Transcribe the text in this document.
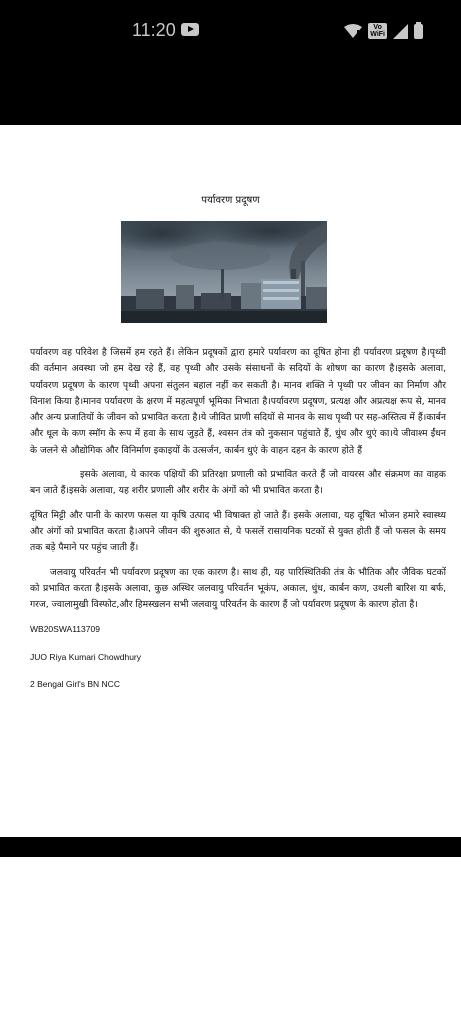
11:20	Vo
WiFi
पर्यावरण प्रदूषण

पर्यावरण वह परिवेश है जिसमें हम रहते हैं। लेकिन प्रदूषकों द्वारा हमारे पर्यावरण का दूषित होना ही पर्यावरण प्रदूषण है।पृथ्वी की वर्तमान अवस्था जो हम देख रहे हैं, वह पृथ्वी और उसके संसाधनों के सदियों के शोषण का कारण है।इसके अलावा, पर्यावरण प्रदूषण के कारण पृथ्वी अपना संतुलन बहाल नहीं कर सकती है। मानव शक्ति ने पृथ्वी पर जीवन का निर्माण और विनाश किया है।मानव पर्यावरण के क्षरण में महत्वपूर्ण भूमिका निभाता है।पर्यावरण प्रदूषण, प्रत्यक्ष और अप्रत्यक्ष रूप से, मानव और अन्य प्रजातियों के जीवन को प्रभावित करता है।ये जीवित प्राणी सदियों से मानव के साथ पृथ्वी पर सह-अस्तित्व में हैं।कार्बन और धूल के कण स्मॉग के रूप में हवा के साथ जुड़ते हैं, श्वसन तंत्र को नुकसान पहुंचाते हैं, धुंध और धुएं का।ये जीवाश्म ईंधन के जलने से औद्योगिक और विनिर्माण इकाइयों के उत्सर्जन, कार्बन धुएं के वाहन दहन के कारण होते हैं

इसके अलावा, ये कारक पक्षियों की प्रतिरक्षा प्रणाली को प्रभावित करते हैं जो वायरस और संक्रमण का वाहक बन जाते हैं।इसके अलावा, यह शरीर प्रणाली और शरीर के अंगों को भी प्रभावित करता है।

दूषित मिट्टी और पानी के कारण फसल या कृषि उत्पाद भी विषाक्त हो जाते हैं। इसके अलावा, यह दूषित भोजन हमारे स्वास्थ्य और अंगों को प्रभावित करता है।अपने जीवन की शुरुआत से, ये फसलें रासायनिक घटकों से युक्त होती हैं जो फसल के समय तक बड़े पैमाने पर पहुंच जाती हैं।

जलवायु परिवर्तन भी पर्यावरण प्रदूषण का एक कारण है। साथ ही, यह पारिस्थितिकी तंत्र के भौतिक और जैविक घटकों को प्रभावित करता है।इसके अलावा, कुछ अस्थिर जलवायु परिवर्तन भूकंप, अकाल, धुंध, कार्बन कण, उथली बारिश या बर्फ, गरज, ज्वालामुखी विस्फोट,और हिमस्खलन सभी जलवायु परिवर्तन के कारण हैं जो पर्यावरण प्रदूषण के कारण होता है।

WB20SWA113709

JUO Riya Kumari Chowdhury

2 Bengal Girl's BN NCC
